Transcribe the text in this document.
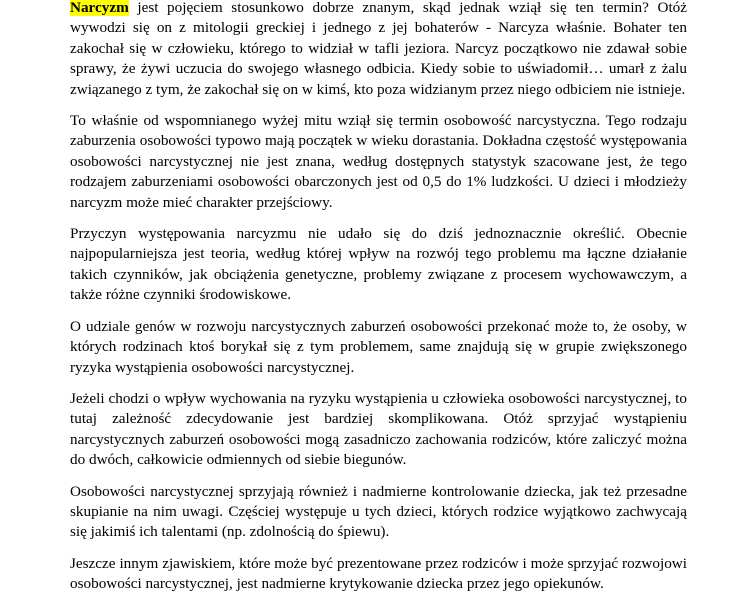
Narcyzm jest pojęciem stosunkowo dobrze znanym, skąd jednak wziął się ten termin? Otóż wywodzi się on z mitologii greckiej i jednego z jej bohaterów - Narcyza właśnie. Bohater ten zakochał się w człowieku, którego to widział w tafli jeziora. Narcyz początkowo nie zdawał sobie sprawy, że żywi uczucia do swojego własnego odbicia. Kiedy sobie to uświadomił… umarł z żalu związanego z tym, że zakochał się on w kimś, kto poza widzianym przez niego odbiciem nie istnieje.

To właśnie od wspomnianego wyżej mitu wziął się termin osobowość narcystyczna. Tego rodzaju zaburzenia osobowości typowo mają początek w wieku dorastania. Dokładna częstość występowania osobowości narcystycznej nie jest znana, według dostępnych statystyk szacowane jest, że tego rodzajem zaburzeniami osobowości obarczonych jest od 0,5 do 1% ludzkości. U dzieci i młodzieży narcyzm może mieć charakter przejściowy.

Przyczyn występowania narcyzmu nie udało się do dziś jednoznacznie określić. Obecnie najpopularniejsza jest teoria, według której wpływ na rozwój tego problemu ma łączne działanie takich czynników, jak obciążenia genetyczne, problemy związane z procesem wychowawczym, a także różne czynniki środowiskowe.

O udziale genów w rozwoju narcystycznych zaburzeń osobowości przekonać może to, że osoby, w których rodzinach ktoś borykał się z tym problemem, same znajdują się w grupie zwiększonego ryzyka wystąpienia osobowości narcystycznej.

Jeżeli chodzi o wpływ wychowania na ryzyku wystąpienia u człowieka osobowości narcystycznej, to tutaj zależność zdecydowanie jest bardziej skomplikowana. Otóż sprzyjać wystąpieniu narcystycznych zaburzeń osobowości mogą zasadniczo zachowania rodziców, które zaliczyć można do dwóch, całkowicie odmiennych od siebie biegunów.

Osobowości narcystycznej sprzyjają również i nadmierne kontrolowanie dziecka, jak też przesadne skupianie na nim uwagi. Częściej występuje u tych dzieci, których rodzice wyjątkowo zachwycają się jakimiś ich talentami (np. zdolnością do śpiewu).

Jeszcze innym zjawiskiem, które może być prezentowane przez rodziców i może sprzyjać rozwojowi osobowości narcystycznej, jest nadmierne krytykowanie dziecka przez jego opiekunów.
